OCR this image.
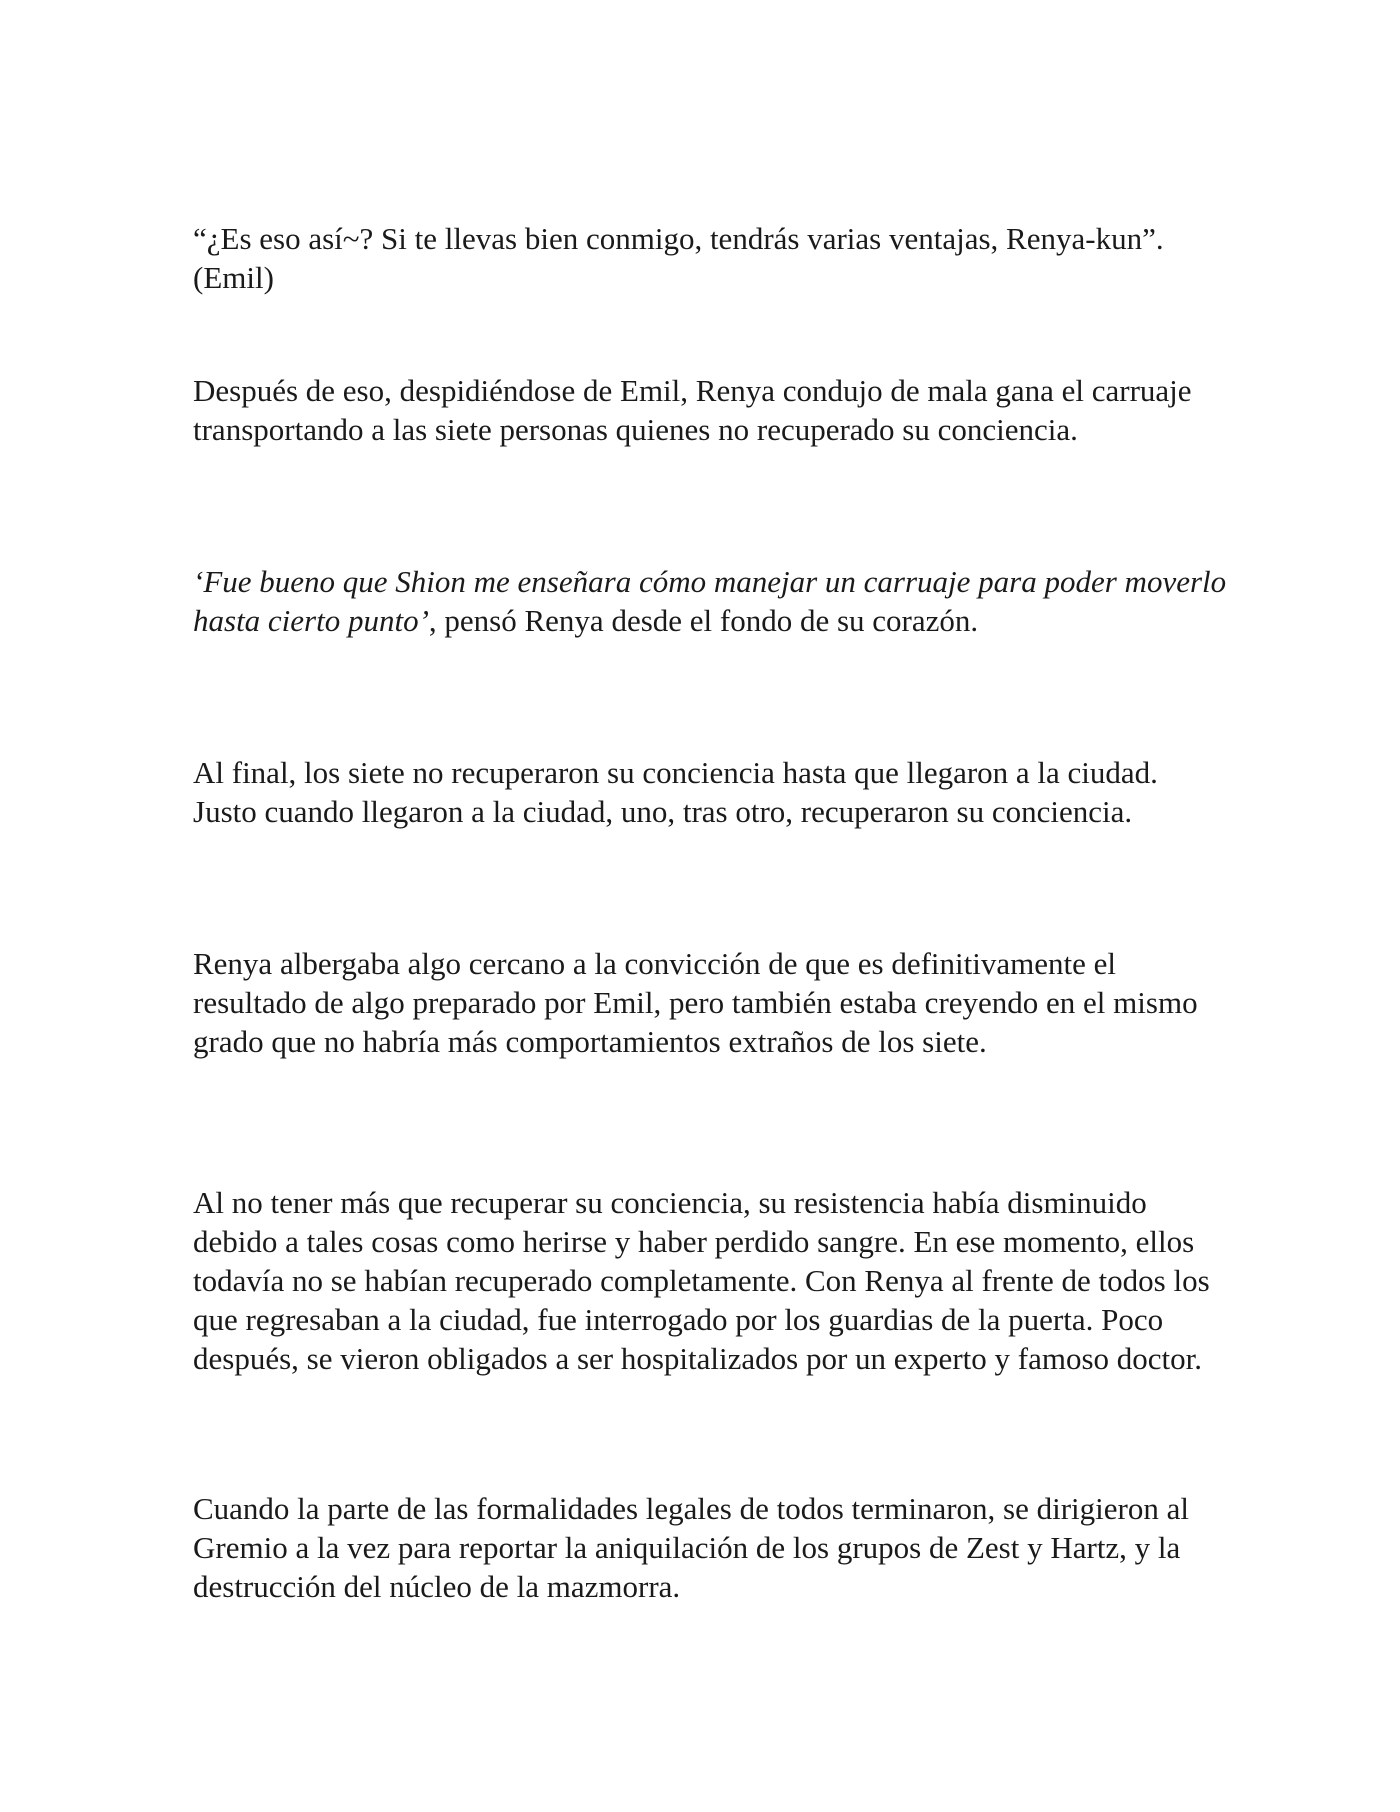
“¿Es eso así~? Si te llevas bien conmigo, tendrás varias ventajas, Renya-kun”. (Emil)

Después de eso, despidiéndose de Emil, Renya condujo de mala gana el carruaje transportando a las siete personas quienes no recuperado su conciencia.

‘Fue bueno que Shion me enseñara cómo manejar un carruaje para poder moverlo hasta cierto punto’, pensó Renya desde el fondo de su corazón.

Al final, los siete no recuperaron su conciencia hasta que llegaron a la ciudad. Justo cuando llegaron a la ciudad, uno, tras otro, recuperaron su conciencia.

Renya albergaba algo cercano a la convicción de que es definitivamente el resultado de algo preparado por Emil, pero también estaba creyendo en el mismo grado que no habría más comportamientos extraños de los siete.

Al no tener más que recuperar su conciencia, su resistencia había disminuido debido a tales cosas como herirse y haber perdido sangre. En ese momento, ellos todavía no se habían recuperado completamente. Con Renya al frente de todos los que regresaban a la ciudad, fue interrogado por los guardias de la puerta. Poco después, se vieron obligados a ser hospitalizados por un experto y famoso doctor.

Cuando la parte de las formalidades legales de todos terminaron, se dirigieron al Gremio a la vez para reportar la aniquilación de los grupos de Zest y Hartz, y la destrucción del núcleo de la mazmorra.
